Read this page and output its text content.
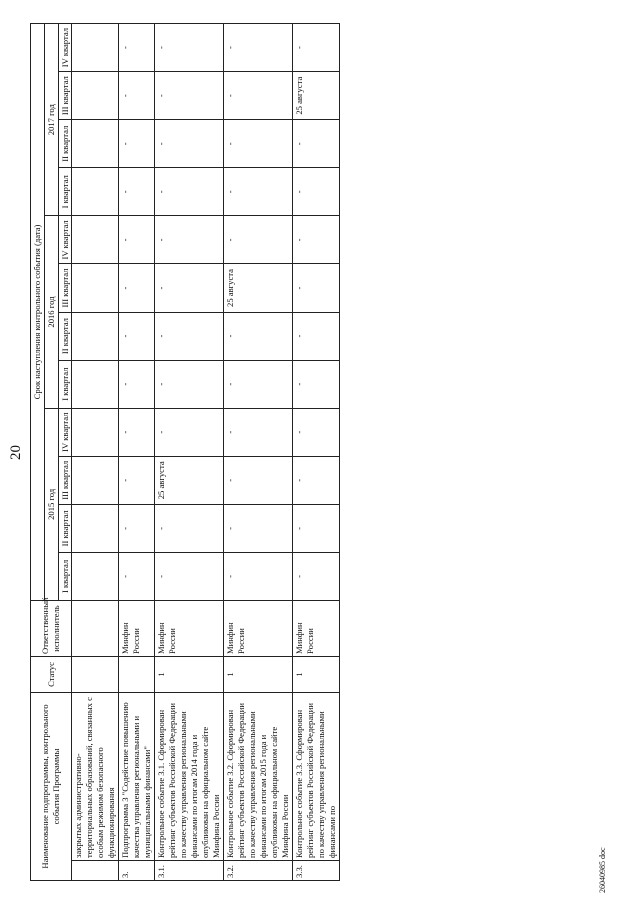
20
Наименование подпрограммы, контрольного события Программы		Статус	Ответственный исполнитель	Срок наступления контрольного события (дата)											
				2015 год				2016 год				2017 год			
				I квартал	II квартал	III квартал	IV квартал	I квартал	II квартал	III квартал	IV квартал	I квартал	II квартал	III квартал	IV квартал
	закрытых административно-территориальных образований, связанных с особым режимом безопасного функционирования														
3.	Подпрограмма 3 "Содействие повышению качества управления региональными и муниципальными финансами"		Минфин России	-	-	-	-	-	-	-	-	-	-	-	-
3.1.	Контрольное событие 3.1. Сформирован рейтинг субъектов Российской Федерации по качеству управления региональными финансами по итогам 2014 года и опубликован на официальном сайте Минфина России	1	Минфин России	-	-	25 августа	-	-	-	-	-	-	-	-	-
3.2.	Контрольное событие 3.2. Сформирован рейтинг субъектов Российской Федерации по качеству управления региональными финансами по итогам 2015 года и опубликован на официальном сайте Минфина России	1	Минфин России	-	-	-	-	-	-	25 августа	-	-	-	-	-
3.3.	Контрольное событие 3.3. Сформирован рейтинг субъектов Российской Федерации по качеству управления региональными финансами по	1	Минфин России	-	-	-	-	-	-	-	-	-	-	25 августа	-
26040985 doc
